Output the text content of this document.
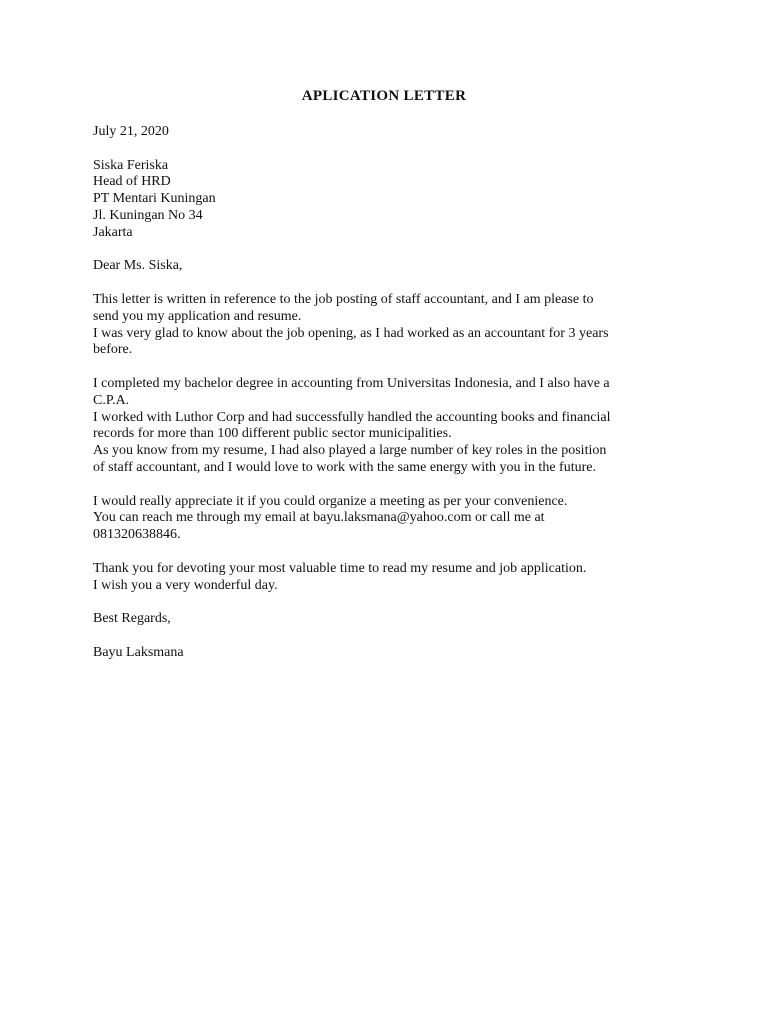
APLICATION LETTER
July 21, 2020
Siska Feriska
Head of HRD
PT Mentari Kuningan
Jl. Kuningan No 34
Jakarta
Dear Ms. Siska,
This letter is written in reference to the job posting of staff accountant, and I am please to
send you my application and resume.
I was very glad to know about the job opening, as I had worked as an accountant for 3 years
before.
I completed my bachelor degree in accounting from Universitas Indonesia, and I also have a
C.P.A.
I worked with Luthor Corp and had successfully handled the accounting books and financial
records for more than 100 different public sector municipalities.
As you know from my resume, I had also played a large number of key roles in the position
of staff accountant, and I would love to work with the same energy with you in the future.
I would really appreciate it if you could organize a meeting as per your convenience.
You can reach me through my email at bayu.laksmana@yahoo.com or call me at
081320638846.
Thank you for devoting your most valuable time to read my resume and job application.
I wish you a very wonderful day.
Best Regards,
Bayu Laksmana
